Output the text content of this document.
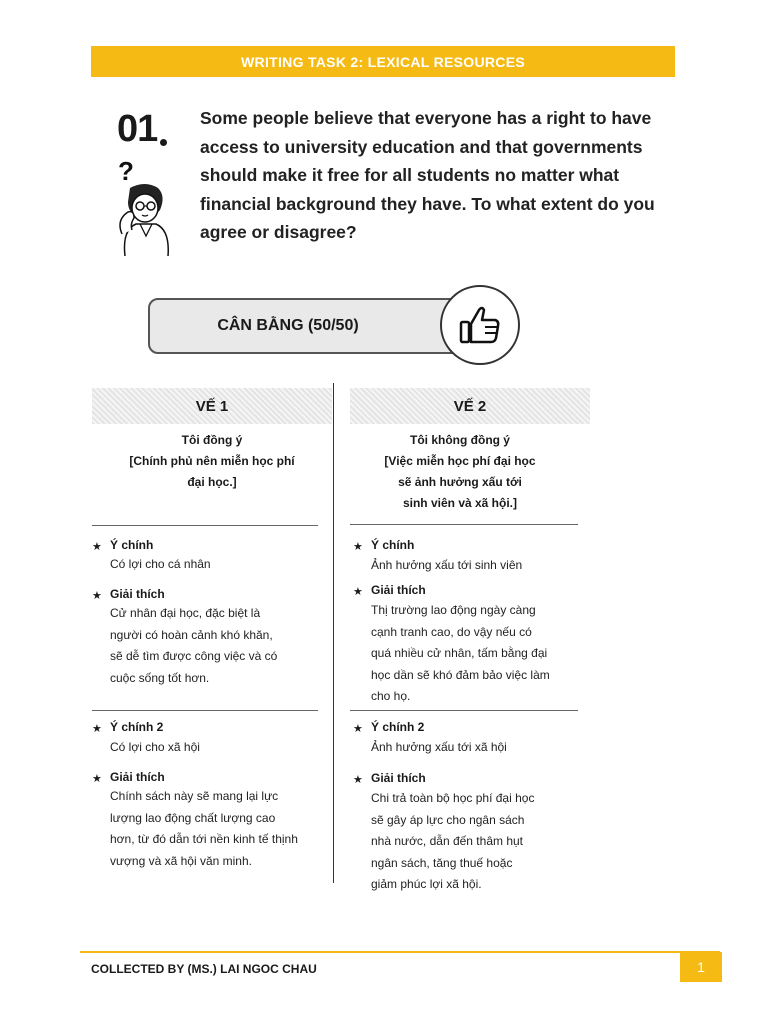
WRITING TASK 2: LEXICAL RESOURCES
01
?
Some people believe that everyone has a right to have access to university education and that governments should make it free for all students no matter what financial background they have. To what extent do you agree or disagree?
CÂN BẰNG (50/50)
VẾ 1
Tôi đồng ý
[Chính phủ nên miễn học phí
đại học.]
★ Ý chính
Có lợi cho cá nhân
★ Giải thích
Cử nhân đại học, đặc biệt là
người có hoàn cảnh khó khăn,
sẽ dễ tìm được công việc và có
cuộc sống tốt hơn.
★ Ý chính 2
Có lợi cho xã hội
★ Giải thích
Chính sách này sẽ mang lại lực
lượng lao động chất lượng cao
hơn, từ đó dẫn tới nền kinh tế thịnh
vượng và xã hội văn minh.
VẾ 2
Tôi không đồng ý
[Việc miễn học phí đại học
sẽ ảnh hưởng xấu tới
sinh viên và xã hội.]
★ Ý chính
Ảnh hưởng xấu tới sinh viên
★ Giải thích
Thị trường lao động ngày càng
cạnh tranh cao, do vậy nếu có
quá nhiều cử nhân, tấm bằng đại
học dần sẽ khó đảm bảo việc làm
cho họ.
★ Ý chính 2
Ảnh hưởng xấu tới xã hội
★ Giải thích
Chi trả toàn bộ học phí đại học
sẽ gây áp lực cho ngân sách
nhà nước, dẫn đến thâm hụt
ngân sách, tăng thuế hoặc
giảm phúc lợi xã hội.
COLLECTED BY (MS.) LAI NGOC CHAU	1
